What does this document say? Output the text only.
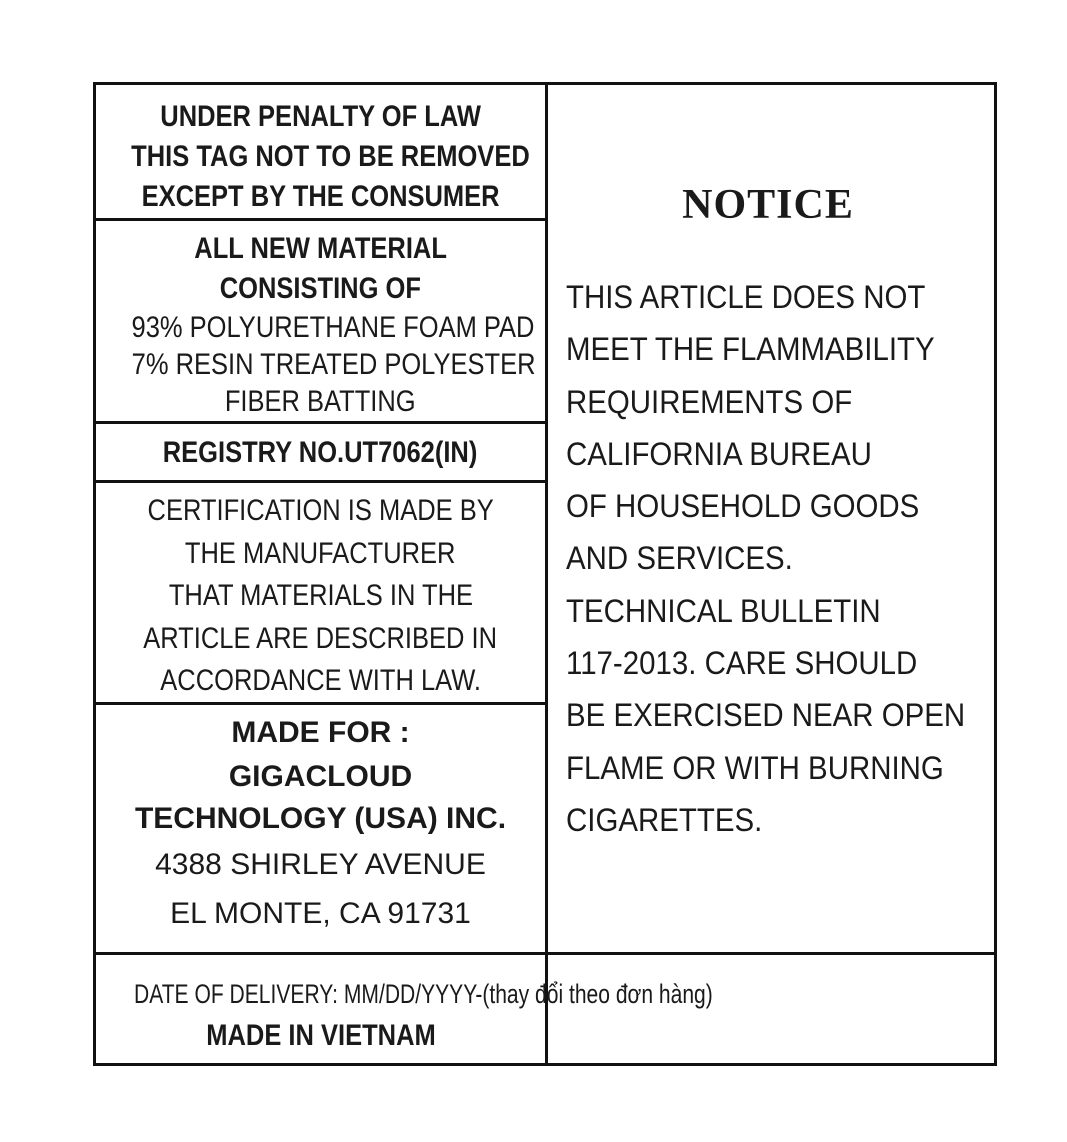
UNDER PENALTY OF LAW
THIS TAG NOT TO BE REMOVED
EXCEPT BY THE CONSUMER
ALL NEW MATERIAL
CONSISTING OF
93% POLYURETHANE FOAM PAD
7% RESIN TREATED POLYESTER
FIBER BATTING
REGISTRY NO.UT7062(IN)
CERTIFICATION IS MADE BY
THE MANUFACTURER
THAT MATERIALS IN THE
ARTICLE ARE DESCRIBED IN
ACCORDANCE WITH LAW.
MADE FOR :
GIGACLOUD
TECHNOLOGY (USA) INC.
4388 SHIRLEY AVENUE
EL MONTE, CA 91731
NOTICE
THIS ARTICLE DOES NOT
MEET THE FLAMMABILITY
REQUIREMENTS OF
CALIFORNIA BUREAU
OF HOUSEHOLD GOODS
AND SERVICES.
TECHNICAL BULLETIN
117-2013. CARE SHOULD
BE EXERCISED NEAR OPEN
FLAME OR WITH BURNING
CIGARETTES.
DATE OF DELIVERY: MM/DD/YYYY-(thay đổi theo đơn hàng)
MADE IN VIETNAM
